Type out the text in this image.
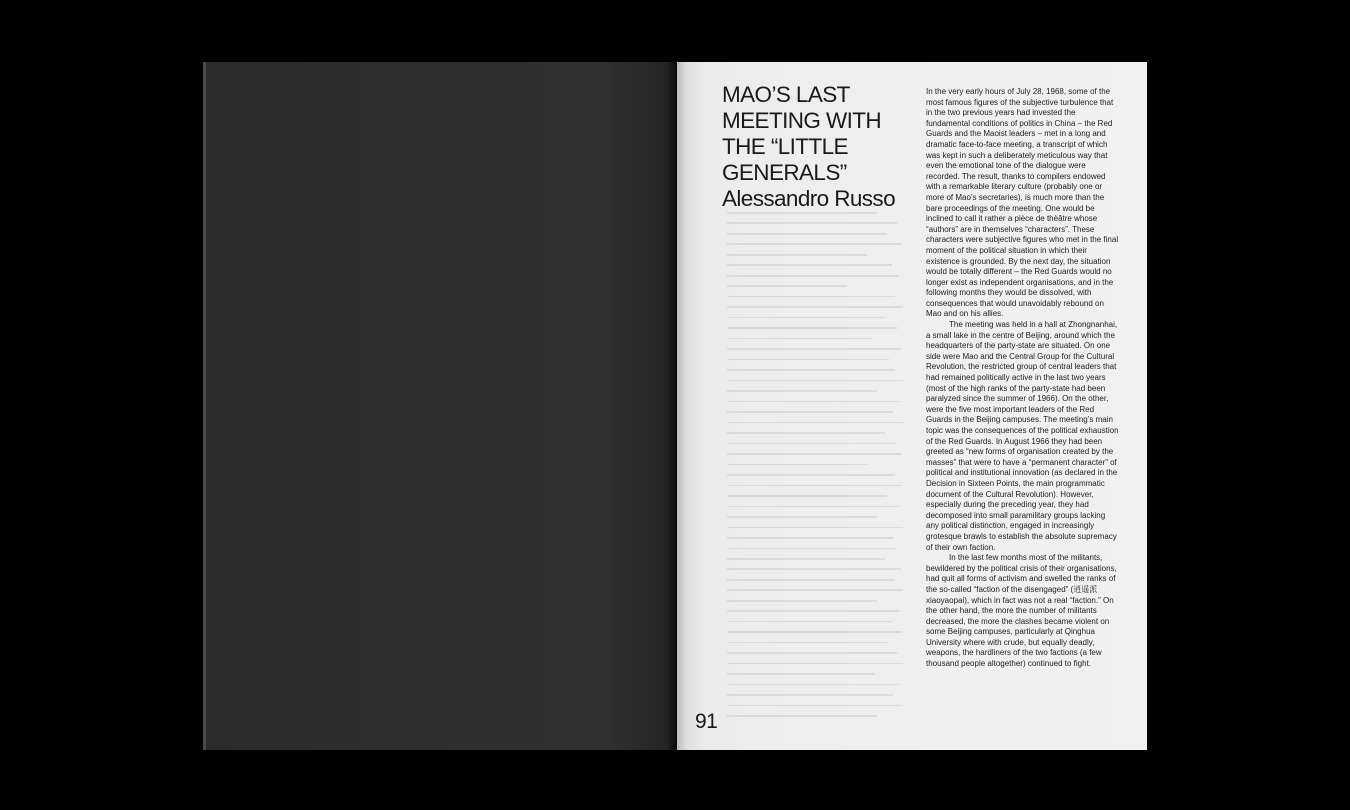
MAO’S LAST MEETING WITH THE “LITTLE GENERALS”
Alessandro Russo

In the very early hours of July 28, 1968, some of the most famous figures of the subjective turbulence that in the two previous years had invested the fundamental conditions of politics in China – the Red Guards and the Maoist leaders – met in a long and dramatic face-to-face meeting, a transcript of which was kept in such a deliberately meticulous way that even the emotional tone of the dialogue were recorded. The result, thanks to compilers endowed with a remarkable literary culture (probably one or more of Mao’s secretaries), is much more than the bare proceedings of the meeting. One would be inclined to call it rather a pièce de thèâtre whose “authors” are in themselves “characters”. These characters were subjective figures who met in the final moment of the political situation in which their existence is grounded. By the next day, the situation would be totally different – the Red Guards would no longer exist as independent organisations, and in the following months they would be dissolved, with consequences that would unavoidably rebound on Mao and on his allies.

The meeting was held in a hall at Zhongnanhai, a small lake in the centre of Beijing, around which the headquarters of the party-state are situated. On one side were Mao and the Central Group for the Cultural Revolution, the restricted group of central leaders that had remained politically active in the last two years (most of the high ranks of the party-state had been paralyzed since the summer of 1966). On the other, were the five most important leaders of the Red Guards in the Beijing campuses. The meeting’s main topic was the consequences of the political exhaustion of the Red Guards. In August 1966 they had been greeted as “new forms of organisation created by the masses” that were to have a “permanent character” of political and institutional innovation (as declared in the Decision in Sixteen Points, the main programmatic document of the Cultural Revolution). However, especially during the preceding year, they had decomposed into small paramilitary groups lacking any political distinction, engaged in increasingly grotesque brawls to establish the absolute supremacy of their own faction.

In the last few months most of the militants, bewildered by the political crisis of their organisations, had quit all forms of activism and swelled the ranks of the so-called “faction of the disengaged” (逍遥派xiaoyaopai), which in fact was not a real “faction.” On the other hand, the more the number of militants decreased, the more the clashes became violent on some Beijing campuses, particularly at Qinghua University where with crude, but equally deadly, weapons, the hardliners of the two factions (a few thousand people altogether) continued to fight.

91
